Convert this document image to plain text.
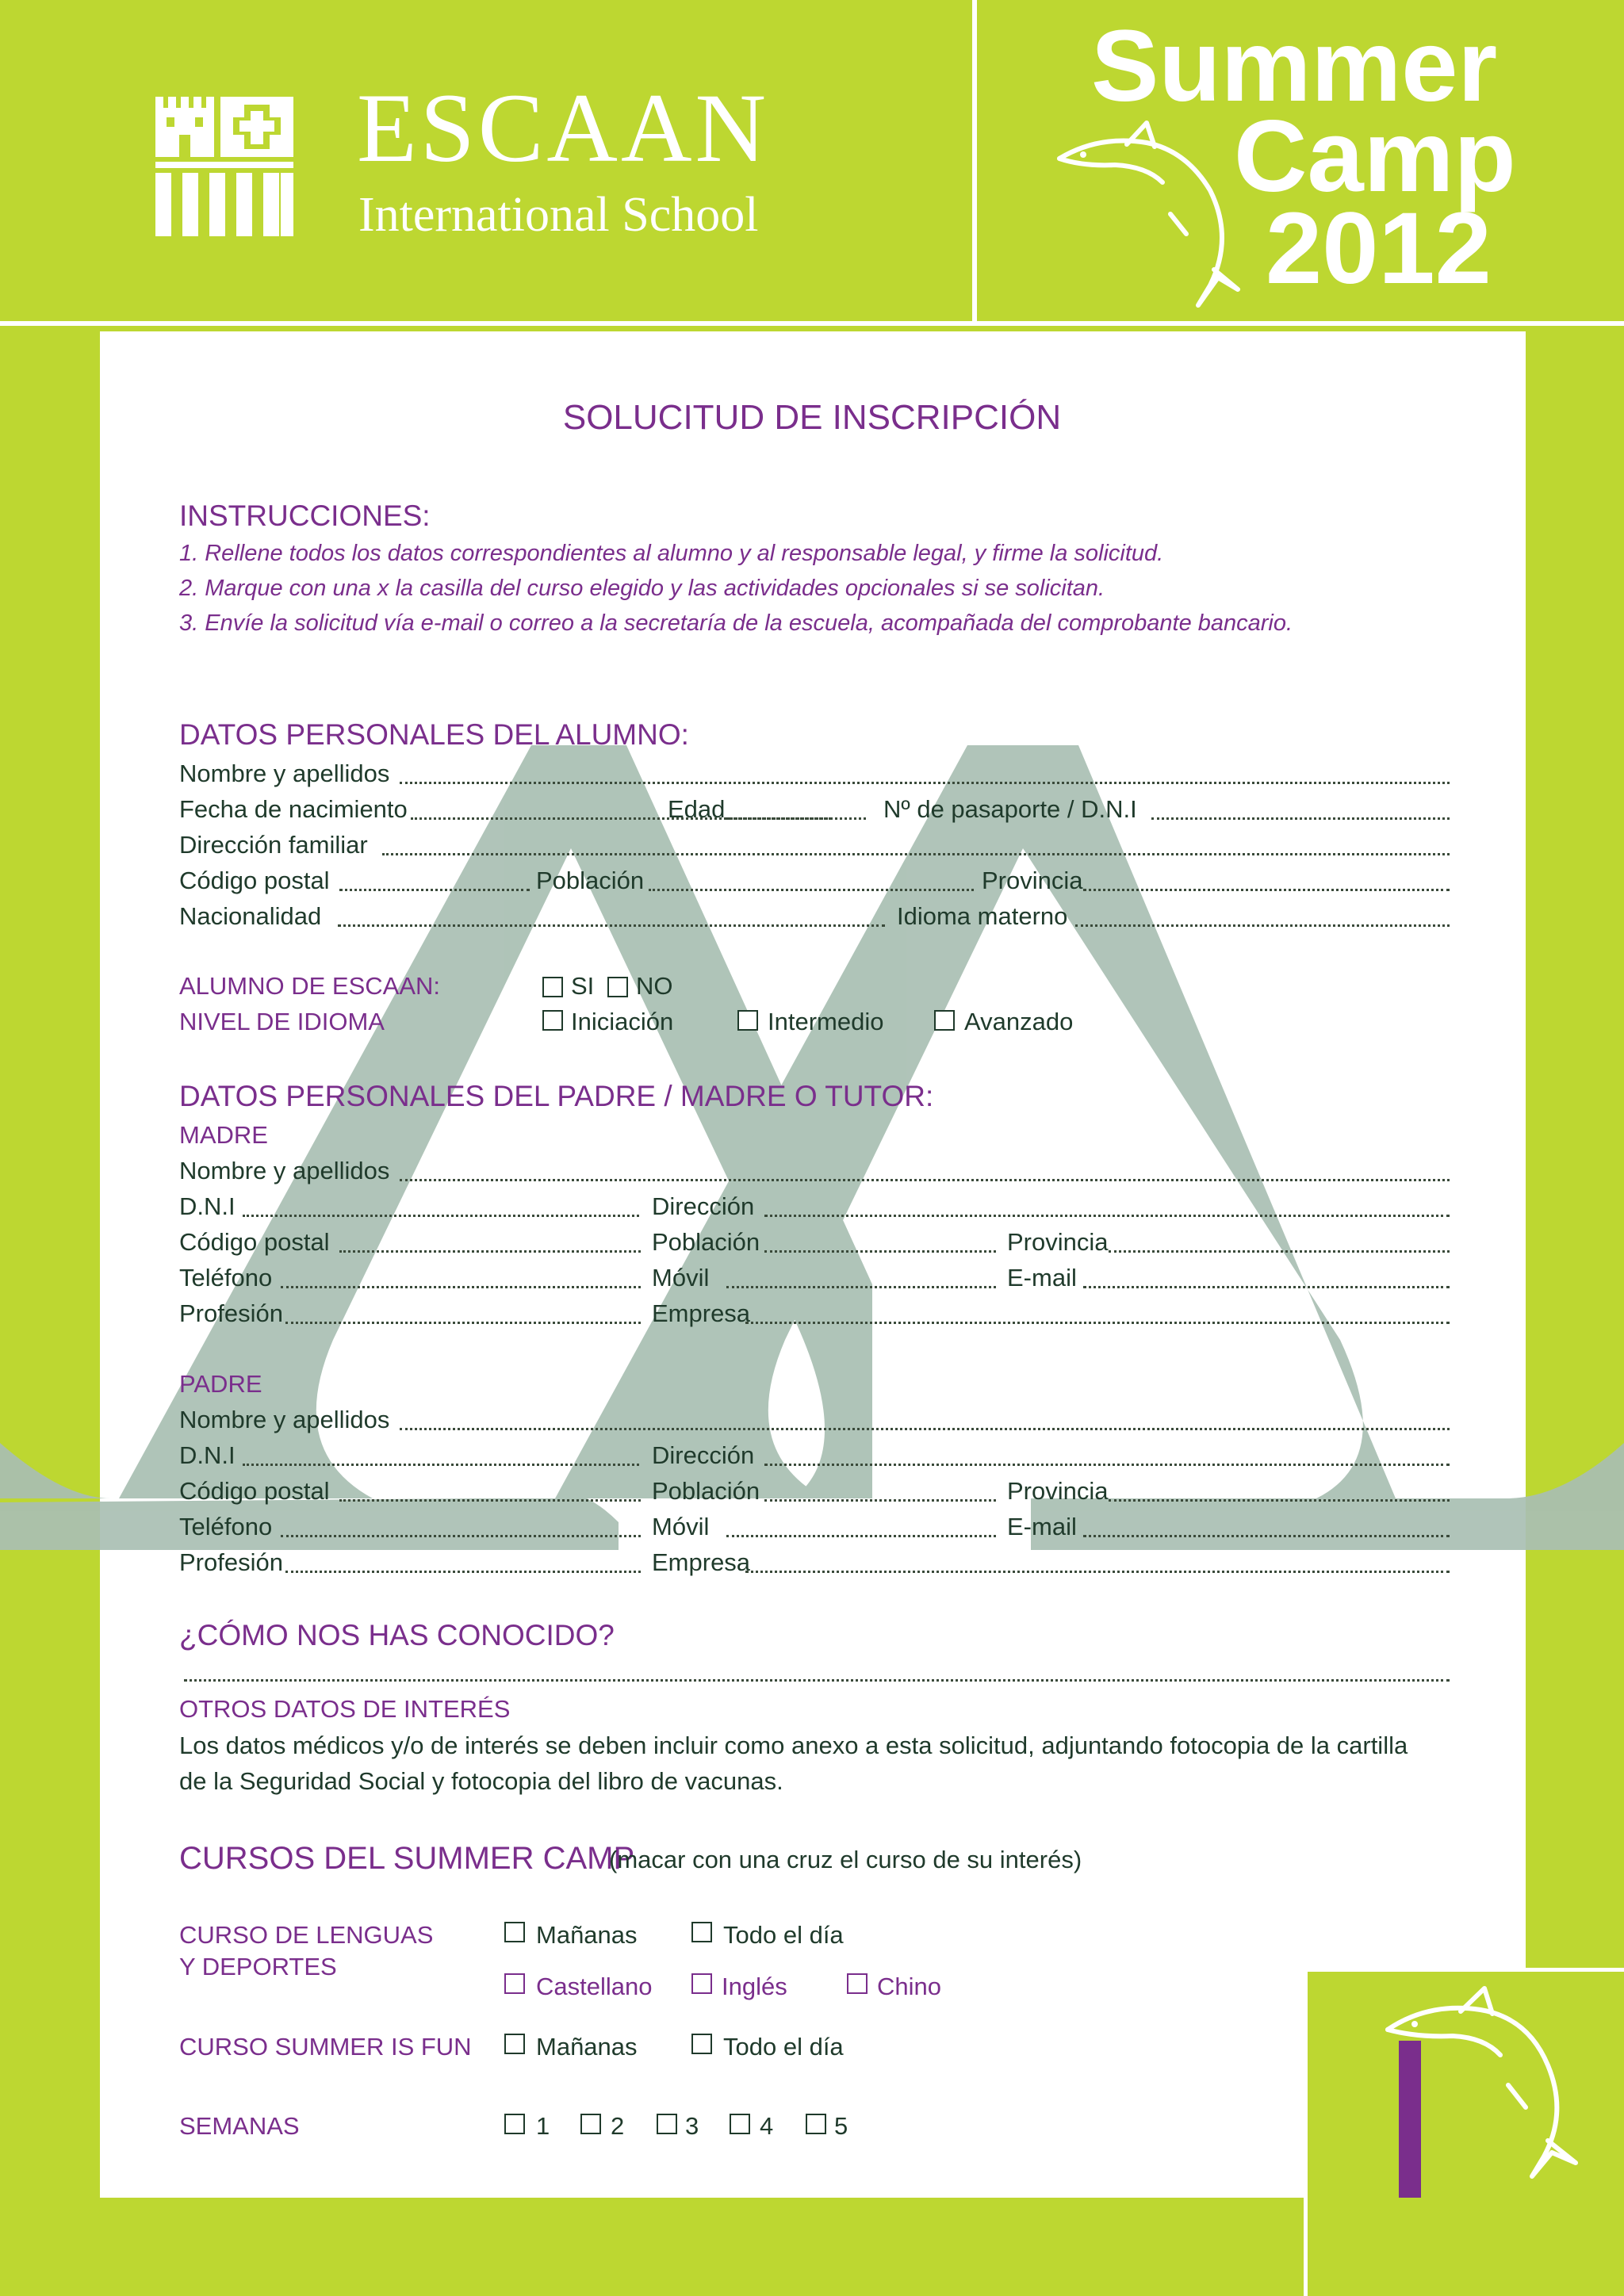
ESCAAN
International School
Summer
Camp
2012
SOLUCITUD DE INSCRIPCIÓN
INSTRUCCIONES:
1. Rellene todos los datos correspondientes al alumno y al responsable legal, y firme la solicitud.
2. Marque con una x la casilla del curso elegido y las actividades opcionales si se solicitan.
3. Envíe la solicitud vía e-mail o correo a la secretaría de la escuela, acompañada del comprobante bancario.
DATOS PERSONALES DEL ALUMNO:
Nombre y apellidos
Fecha de nacimiento	Edad	Nº de pasaporte / D.N.I
Dirección familiar
Código postal	Población	Provincia
Nacionalidad	Idioma materno
ALUMNO DE ESCAAN:	SI NO
NIVEL DE IDIOMA	Iniciación	Intermedio	Avanzado
DATOS PERSONALES DEL PADRE / MADRE O TUTOR:
MADRE
Nombre y apellidos
D.N.I	Dirección
Código postal	Población	Provincia
Teléfono	Móvil	E-mail
Profesión	Empresa
PADRE
Nombre y apellidos
D.N.I	Dirección
Código postal	Población	Provincia
Teléfono	Móvil	E-mail
Profesión	Empresa
¿CÓMO NOS HAS CONOCIDO?
OTROS DATOS DE INTERÉS
Los datos médicos y/o de interés se deben incluir como anexo a esta solicitud, adjuntando fotocopia de la cartilla
de la Seguridad Social y fotocopia del libro de vacunas.
CURSOS DEL SUMMER CAMP
(macar con una cruz el curso de su interés)
CURSO DE LENGUAS
Y DEPORTES
Mañanas	Todo el día
Castellano	Inglés	Chino
CURSO SUMMER IS FUN	Mañanas	Todo el día
SEMANAS	1 2 3 4 5
